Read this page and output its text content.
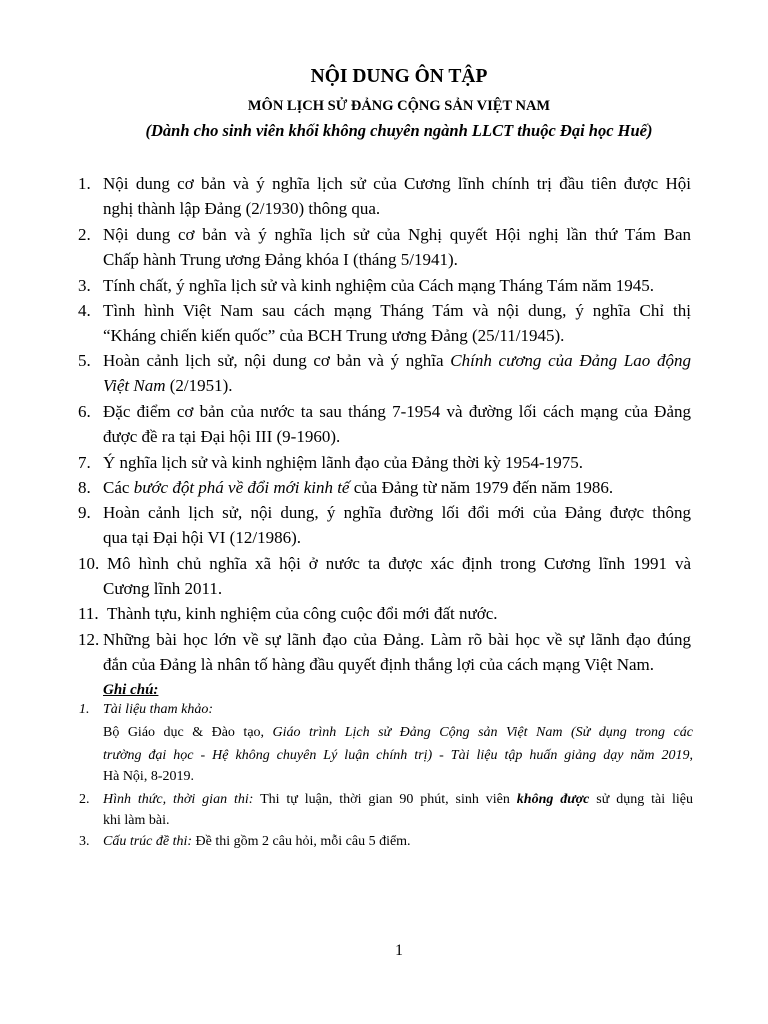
NỘI DUNG ÔN TẬP
MÔN LỊCH SỬ ĐẢNG CỘNG SẢN VIỆT NAM

(Dành cho sinh viên khối không chuyên ngành LLCT thuộc Đại học Huế)

1. Nội dung cơ bản và ý nghĩa lịch sử của Cương lĩnh chính trị đầu tiên được Hội
nghị thành lập Đảng (2/1930) thông qua.
2. Nội dung cơ bản và ý nghĩa lịch sử của Nghị quyết Hội nghị lần thứ Tám Ban
Chấp hành Trung ương Đảng khóa I (tháng 5/1941).
3. Tính chất, ý nghĩa lịch sử và kinh nghiệm của Cách mạng Tháng Tám năm 1945.
4. Tình hình Việt Nam sau cách mạng Tháng Tám và nội dung, ý nghĩa Chỉ thị
“Kháng chiến kiến quốc” của BCH Trung ương Đảng (25/11/1945).
5. Hoàn cảnh lịch sử, nội dung cơ bản và ý nghĩa Chính cương của Đảng Lao động
Việt Nam (2/1951).
6. Đặc điểm cơ bản của nước ta sau tháng 7-1954 và đường lối cách mạng của Đảng
được đề ra tại Đại hội III (9-1960).
7. Ý nghĩa lịch sử và kinh nghiệm lãnh đạo của Đảng thời kỳ 1954-1975.
8. Các bước đột phá về đổi mới kinh tế của Đảng từ năm 1979 đến năm 1986.
9. Hoàn cảnh lịch sử, nội dung, ý nghĩa đường lối đổi mới của Đảng được thông
qua tại Đại hội VI (12/1986).
10. Mô hình chủ nghĩa xã hội ở nước ta được xác định trong Cương lĩnh 1991 và
Cương lĩnh 2011.
11. Thành tựu, kinh nghiệm của công cuộc đổi mới đất nước.
12. Những bài học lớn về sự lãnh đạo của Đảng. Làm rõ bài học về sự lãnh đạo đúng
đắn của Đảng là nhân tố hàng đầu quyết định thắng lợi của cách mạng Việt Nam.
Ghi chú:
1. Tài liệu tham khảo:
Bộ Giáo dục & Đào tạo, Giáo trình Lịch sử Đảng Cộng sản Việt Nam (Sử dụng trong các
trường đại học - Hệ không chuyên Lý luận chính trị) - Tài liệu tập huấn giảng dạy năm 2019,
Hà Nội, 8-2019.
2. Hình thức, thời gian thi: Thi tự luận, thời gian 90 phút, sinh viên không được sử dụng tài liệu
khi làm bài.
3. Cấu trúc đề thi: Đề thi gồm 2 câu hỏi, mỗi câu 5 điểm.
1
